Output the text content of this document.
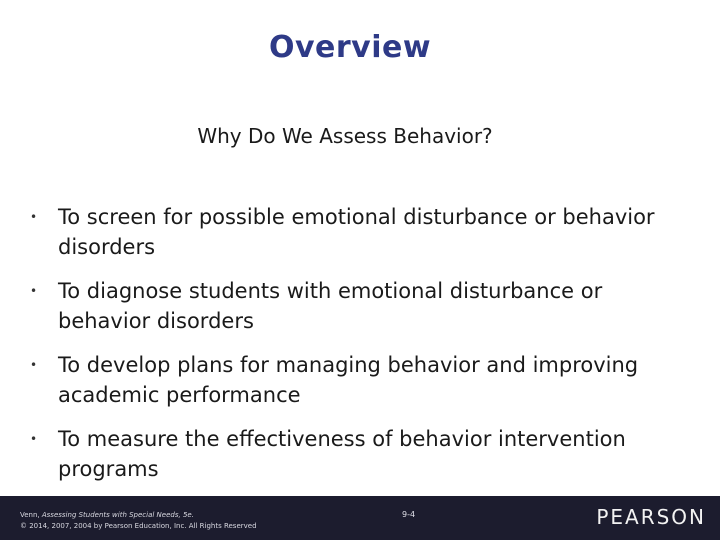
Overview
Why Do We Assess Behavior?
• To screen for possible emotional disturbance or behavior disorders
• To diagnose students with emotional disturbance or behavior disorders
• To develop plans for managing behavior and improving academic performance
• To measure the effectiveness of behavior intervention programs
Venn, Assessing Students with Special Needs, 5e.
© 2014, 2007, 2004 by Pearson Education, Inc. All Rights Reserved
9-4	PEARSON
